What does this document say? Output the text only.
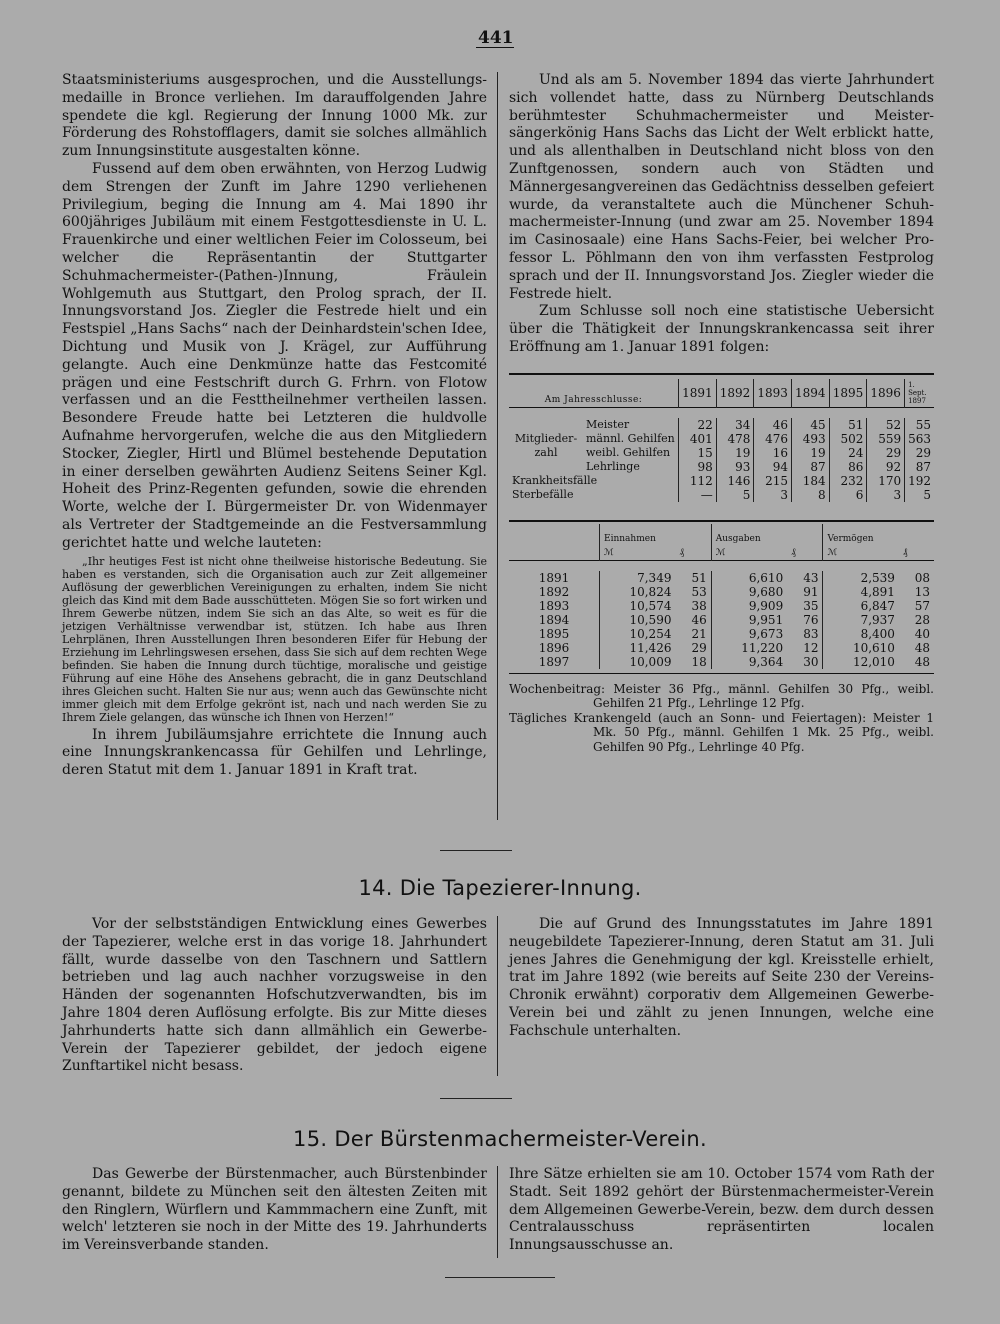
441

Staatsministeriums ausgesprochen, und die Ausstellungsmedaille in Bronce verliehen. Im darauffolgenden Jahre spendete die kgl. Regierung der Innung 1000 Mk. zur Förderung des Rohstofflagers, damit sie solches allmählich zum Innungsinstitute ausgestalten könne.

Fussend auf dem oben erwähnten, von Herzog Ludwig dem Strengen der Zunft im Jahre 1290 verliehenen Privilegium, beging die Innung am 4. Mai 1890 ihr 600jähriges Jubiläum mit einem Festgottesdienste in U. L. Frauenkirche und einer weltlichen Feier im Colosseum, bei welcher die Repräsentantin der Stuttgarter Schuhmachermeister-(Pathen-)Innung, Fräulein Wohlgemuth aus Stuttgart, den Prolog sprach, der II. Innungsvorstand Jos. Ziegler die Festrede hielt und ein Festspiel „Hans Sachs“ nach der Deinhardstein'schen Idee, Dichtung und Musik von J. Krägel, zur Aufführung gelangte. Auch eine Denkmünze hatte das Festcomité prägen und eine Festschrift durch G. Frhrn. von Flotow verfassen und an die Festtheilnehmer vertheilen lassen. Besondere Freude hatte bei Letzteren die huldvolle Aufnahme hervorgerufen, welche die aus den Mitgliedern Stocker, Ziegler, Hirtl und Blümel bestehende Deputation in einer derselben gewährten Audienz Seitens Seiner Kgl. Hoheit des Prinz-Regenten gefunden, sowie die ehrenden Worte, welche der I. Bürgermeister Dr. von Widenmayer als Vertreter der Stadtgemeinde an die Festversammlung gerichtet hatte und welche lauteten:

„Ihr heutiges Fest ist nicht ohne theilweise historische Bedeutung. Sie haben es verstanden, sich die Organisation auch zur Zeit allgemeiner Auflösung der gewerblichen Vereinigungen zu erhalten, indem Sie nicht gleich das Kind mit dem Bade ausschütteten. Mögen Sie so fort wirken und Ihrem Gewerbe nützen, indem Sie sich an das Alte, so weit es für die jetzigen Verhältnisse verwendbar ist, stützen. Ich habe aus Ihren Lehrplänen, Ihren Ausstellungen Ihren besonderen Eifer für Hebung der Erziehung im Lehrlingswesen ersehen, dass Sie sich auf dem rechten Wege befinden. Sie haben die Innung durch tüchtige, moralische und geistige Führung auf eine Höhe des Ansehens gebracht, die in ganz Deutschland ihres Gleichen sucht. Halten Sie nur aus; wenn auch das Gewünschte nicht immer gleich mit dem Erfolge gekrönt ist, nach und nach werden Sie zu Ihrem Ziele gelangen, das wünsche ich Ihnen von Herzen!“

In ihrem Jubiläumsjahre errichtete die Innung auch eine Innungskrankencassa für Gehilfen und Lehrlinge, deren Statut mit dem 1. Januar 1891 in Kraft trat.

Und als am 5. November 1894 das vierte Jahrhundert sich vollendet hatte, dass zu Nürnberg Deutschlands berühmtester Schuhmachermeister und Meistersängerkönig Hans Sachs das Licht der Welt erblickt hatte, und als allenthalben in Deutschland nicht bloss von den Zunftgenossen, sondern auch von Städten und Männergesangvereinen das Gedächtniss desselben gefeiert wurde, da veranstaltete auch die Münchener Schuhmachermeister-Innung (und zwar am 25. November 1894 im Casinosaale) eine Hans Sachs-Feier, bei welcher Professor L. Pöhlmann den von ihm verfassten Festprolog sprach und der II. Innungsvorstand Jos. Ziegler wieder die Festrede hielt.

Zum Schlusse soll noch eine statistische Uebersicht über die Thätigkeit der Innungskrankencassa seit ihrer Eröffnung am 1. Januar 1891 folgen:

Am Jahresschlusse:		1891	1892	1893	1894	1895	1896	1. Sept. 1897

Mitgliederzahl	Meister	22	34	46	45	51	52	55
	männl. Gehilfen	401	478	476	493	502	559	563
	weibl. Gehilfen	15	19	16	19	24	29	29
	Lehrlinge	98	93	94	87	86	92	87
Krankheitsfälle		112	146	215	184	232	170	192
Sterbefälle		—	5	3	8	6	3	5
	Einnahmen		Ausgaben		Vermögen	
	ℳ	₰	ℳ	₰	ℳ	₰

1891	7,349	51	6,610	43	2,539	08
1892	10,824	53	9,680	91	4,891	13
1893	10,574	38	9,909	35	6,847	57
1894	10,590	46	9,951	76	7,937	28
1895	10,254	21	9,673	83	8,400	40
1896	11,426	29	11,220	12	10,610	48
1897	10,009	18	9,364	30	12,010	48
Wochenbeitrag: Meister 36 Pfg., männl. Gehilfen 30 Pfg., weibl. Gehilfen 21 Pfg., Lehrlinge 12 Pfg.
Tägliches Krankengeld (auch an Sonn- und Feiertagen): Meister 1 Mk. 50 Pfg., männl. Gehilfen 1 Mk. 25 Pfg., weibl. Gehilfen 90 Pfg., Lehrlinge 40 Pfg.
14. Die Tapezierer-Innung.

Vor der selbstständigen Entwicklung eines Gewerbes der Tapezierer, welche erst in das vorige 18. Jahrhundert fällt, wurde dasselbe von den Taschnern und Sattlern betrieben und lag auch nachher vorzugsweise in den Händen der sogenannten Hofschutzverwandten, bis im Jahre 1804 deren Auflösung erfolgte. Bis zur Mitte dieses Jahrhunderts hatte sich dann allmählich ein Gewerbe-Verein der Tapezierer gebildet, der jedoch eigene Zunftartikel nicht besass.

Die auf Grund des Innungsstatutes im Jahre 1891 neugebildete Tapezierer-Innung, deren Statut am 31. Juli jenes Jahres die Genehmigung der kgl. Kreisstelle erhielt, trat im Jahre 1892 (wie bereits auf Seite 230 der Vereins-Chronik erwähnt) corporativ dem Allgemeinen Gewerbe-Verein bei und zählt zu jenen Innungen, welche eine Fachschule unterhalten.

15. Der Bürstenmachermeister-Verein.

Das Gewerbe der Bürstenmacher, auch Bürstenbinder genannt, bildete zu München seit den ältesten Zeiten mit den Ringlern, Würflern und Kammmachern eine Zunft, mit welch' letzteren sie noch in der Mitte des 19. Jahrhunderts im Vereinsverbande standen.

Ihre Sätze erhielten sie am 10. October 1574 vom Rath der Stadt. Seit 1892 gehört der Bürstenmachermeister-Verein dem Allgemeinen Gewerbe-Verein, bezw. dem durch dessen Centralausschuss repräsentirten localen Innungsausschusse an.
